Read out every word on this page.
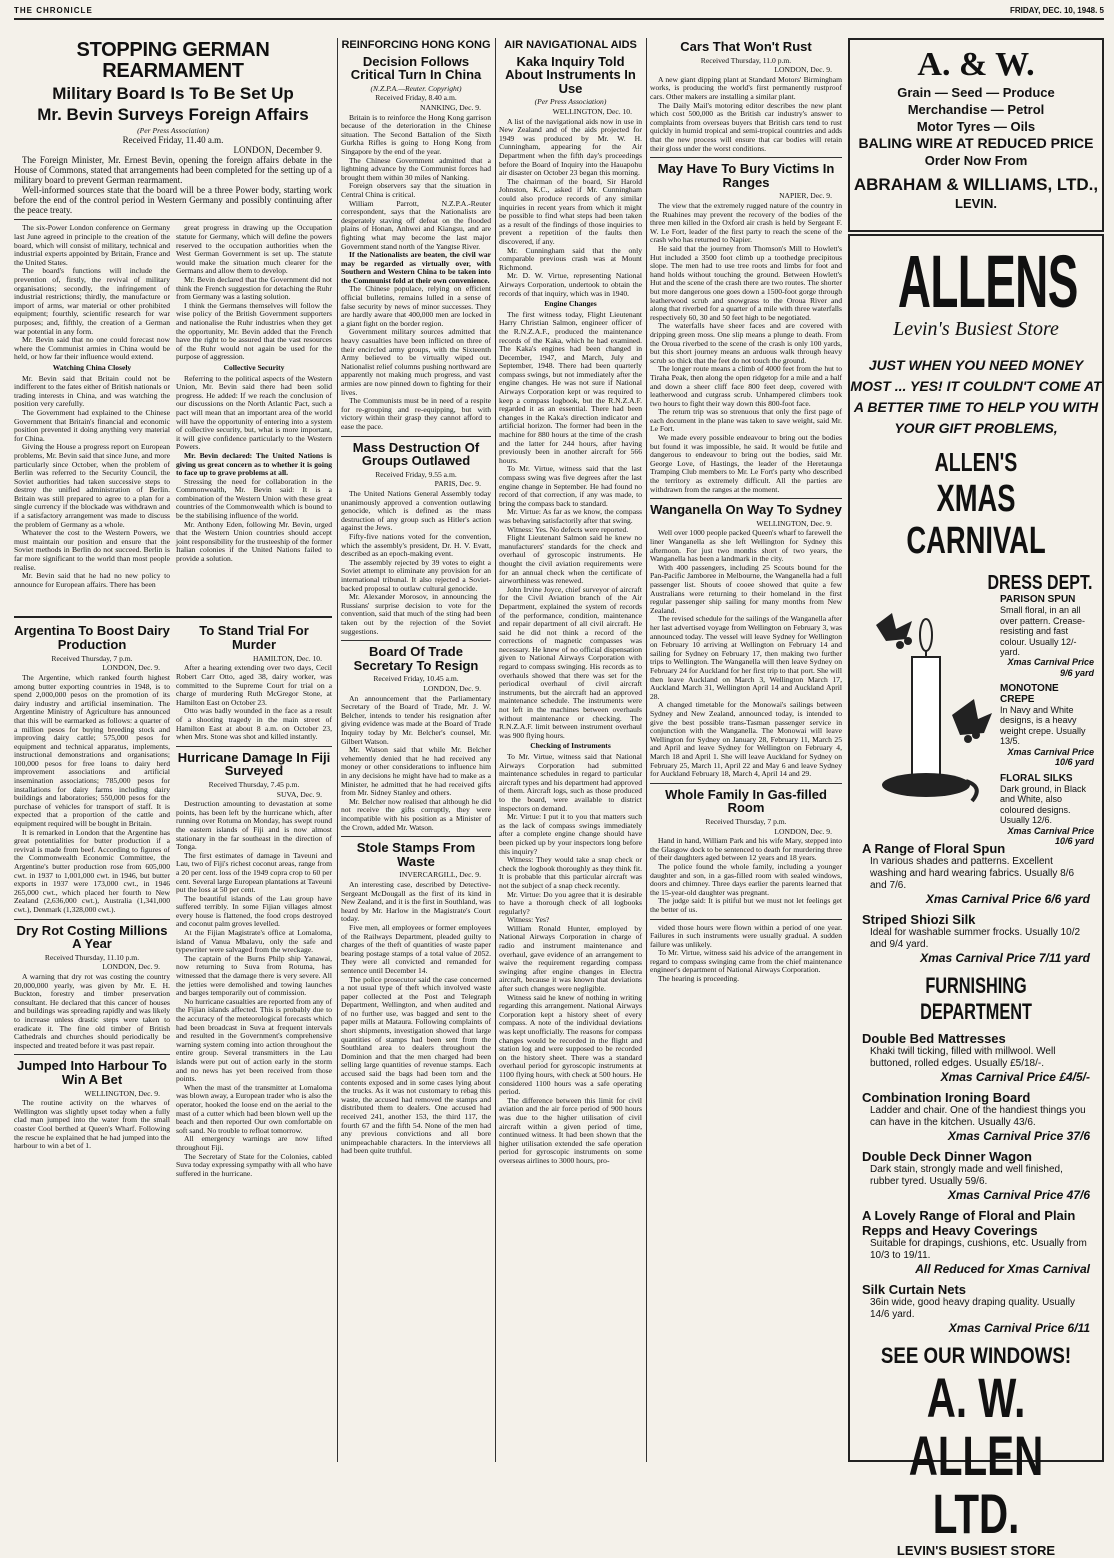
THE CHRONICLE	FRIDAY, DEC. 10, 1948. 5
STOPPING GERMAN REARMAMENT
Military Board Is To Be Set Up
Mr. Bevin Surveys Foreign Affairs
(Per Press Association)
Received Friday, 11.40 a.m.
LONDON, December 9.

The Foreign Minister, Mr. Ernest Bevin, opening the foreign affairs debate in the House of Commons, stated that arrangements had been completed for the setting up of a military board to prevent German rearmament.

Well-informed sources state that the board will be a three Power body, starting work before the end of the control period in Western Germany and possibly continuing after the peace treaty.

The six-Power London conference on Germany last June agreed in principle to the creation of the board, which will consist of military, technical and industrial experts appointed by Britain, France and the United States.

The board's functions will include the prevention of, firstly, the revival of military organisations; secondly, the infringement of industrial restrictions; thirdly, the manufacture or import of arms, war material or other prohibited equipment; fourthly, scientific research for war purposes; and, fifthly, the creation of a German war potential in any form.

Mr. Bevin said that no one could forecast now where the Communist armies in China would be held, or how far their influence would extend.

Watching China Closely

Mr. Bevin said that Britain could not be indifferent to the fates either of British nationals or trading interests in China, and was watching the position very carefully.

The Government had explained to the Chinese Government that Britain's financial and economic position prevented it doing anything very material for China.

Giving the House a progress report on European problems, Mr. Bevin said that since June, and more particularly since October, when the problem of Berlin was referred to the Security Council, the Soviet authorities had taken successive steps to destroy the unified administration of Berlin. Britain was still prepared to agree to a plan for a single currency if the blockade was withdrawn and if a satisfactory arrangement was made to discuss the problem of Germany as a whole.

Whatever the cost to the Western Powers, we must maintain our position and ensure that the Soviet methods in Berlin do not succeed. Berlin is far more significant to the world than most people realise.

Mr. Bevin said that he had no new policy to announce for European affairs. There has been

great progress in drawing up the Occupation statute for Germany, which will define the powers reserved to the occupation authorities when the West German Government is set up. The statute would make the situation much clearer for the Germans and allow them to develop.

Mr. Bevin declared that the Government did not think the French suggestion for detaching the Ruhr from Germany was a lasting solution.

I think the Germans themselves will follow the wise policy of the British Government supporters and nationalise the Ruhr industries when they get the opportunity, Mr. Bevin added that the French have the right to be assured that the vast resources of the Ruhr would not again be used for the purpose of aggression.

Collective Security

Referring to the political aspects of the Western Union, Mr. Bevin said there had been solid progress. He added: If we reach the conclusion of our discussions on the North Atlantic Pact, such a pact will mean that an important area of the world will have the opportunity of entering into a system of collective security, but, what is more important, it will give confidence particularly to the Western Powers.

Mr. Bevin declared: The United Nations is giving us great concern as to whether it is going to face up to grave problems at all.

Stressing the need for collaboration in the Commonwealth, Mr. Bevin said: It is a combination of the Western Union with these great countries of the Commonwealth which is bound to be the stabilising influence of the world.

Mr. Anthony Eden, following Mr. Bevin, urged that the Western Union countries should accept joint responsibility for the trusteeship of the former Italian colonies if the United Nations failed to provide a solution.

Argentina To Boost Dairy Production
Received Thursday, 7 p.m.
LONDON, Dec. 9.

The Argentine, which ranked fourth highest among butter exporting countries in 1948, is to spend 2,000,000 pesos on the promotion of its dairy industry and artificial insemination. The Argentine Ministry of Agriculture has announced that this will be earmarked as follows: a quarter of a million pesos for buying breeding stock and improving dairy cattle; 575,000 pesos for equipment and technical apparatus, implements, instructional demonstrations and organisations; 100,000 pesos for free loans to dairy herd improvement associations and artificial insemination associations; 785,000 pesos for installations for dairy farms including dairy buildings and laboratories; 550,000 pesos for the purchase of vehicles for transport of staff. It is expected that a proportion of the cattle and equipment required will be bought in Britain.

It is remarked in London that the Argentine has great potentialities for butter production if a revival is made from beef. According to figures of the Commonwealth Economic Committee, the Argentine's butter production rose from 605,000 cwt. in 1937 to 1,001,000 cwt. in 1946, but butter exports in 1937 were 173,000 cwt., in 1946 265,000 cwt., which placed her fourth to New Zealand (2,636,000 cwt.), Australia (1,341,000 cwt.), Denmark (1,328,000 cwt.).

Dry Rot Costing Millions A Year
Received Thursday, 11.10 p.m.
LONDON, Dec. 9.

A warning that dry rot was costing the country 20,000,000 yearly, was given by Mr. E. H. Buckton, forestry and timber preservation consultant. He declared that this cancer of houses and buildings was spreading rapidly and was likely to increase unless drastic steps were taken to eradicate it. The fine old timber of British Cathedrals and churches should periodically be inspected and treated before it was past repair.

Jumped Into Harbour To Win A Bet
WELLINGTON, Dec. 9.

The routine activity on the wharves of Wellington was slightly upset today when a fully clad man jumped into the water from the small coaster Cool berthed at Queen's Wharf. Following the rescue he explained that he had jumped into the harbour to win a bet of 1.

To Stand Trial For Murder
HAMILTON, Dec. 10.

After a hearing extending over two days, Cecil Robert Carr Otto, aged 38, dairy worker, was committed to the Supreme Court for trial on a charge of murdering Ruth McGregor Stone, at Hamilton East on October 23.

Otto was badly wounded in the face as a result of a shooting tragedy in the main street of Hamilton East at about 8 a.m. on October 23, when Mrs. Stone was shot and killed instantly.

Hurricane Damage In Fiji Surveyed
Received Thursday, 7.45 p.m.
SUVA, Dec. 9.

Destruction amounting to devastation at some points, has been left by the hurricane which, after running over Rotuma on Monday, has swept round the eastern islands of Fiji and is now almost stationary in the far southeast in the direction of Tonga.

The first estimates of damage in Taveuni and Lau, two of Fiji's richest coconut areas, range from a 20 per cent. loss of the 1949 copra crop to 60 per cent. Several large European plantations at Taveuni put the loss at 50 per cent.

The beautiful islands of the Lau group have suffered terribly. In some Fijian villages almost every house is flattened, the food crops destroyed and coconut palm groves levelled.

At the Fijian Magistrate's office at Lomaloma, island of Vanua Mbalavu, only the safe and typewriter were salvaged from the wreckage.

The captain of the Burns Philp ship Yanawai, now returning to Suva from Rotuma, has witnessed that the damage there is very severe. All the jetties were demolished and towing launches and barges temporarily out of commission.

No hurricane casualties are reported from any of the Fijian islands affected. This is probably due to the accuracy of the meteorological forecasts which had been broadcast in Suva at frequent intervals and resulted in the Government's comprehensive warning system coming into action throughout the entire group. Several transmitters in the Lau islands were put out of action early in the storm and no news has yet been received from those points.

When the mast of the transmitter at Lomaloma was blown away, a European trader who is also the operator, hooked the loose end on the aerial to the mast of a cutter which had been blown well up the beach and then reported Our own comfortable on soft sand. No trouble to refloat tomorrow.

All emergency warnings are now lifted throughout Fiji.

The Secretary of State for the Colonies, cabled Suva today expressing sympathy with all who have suffered in the hurricane.

REINFORCING HONG KONG
Decision Follows Critical Turn In China
(N.Z.P.A.—Reuter. Copyright)
Received Friday, 8.40 a.m.
NANKING, Dec. 9.

Britain is to reinforce the Hong Kong garrison because of the deterioration in the Chinese situation. The Second Battalion of the Sixth Gurkha Rifles is going to Hong Kong from Singapore by the end of the year.

The Chinese Government admitted that a lightning advance by the Communist forces had brought them within 30 miles of Nanking.

Foreign observers say that the situation in Central China is critical.

William Parrott, N.Z.P.A.-Reuter correspondent, says that the Nationalists are desperately staving off defeat on the flooded plains of Honan, Anhwei and Kiangsu, and are fighting what may become the last major Government stand north of the Yangtse River.

If the Nationalists are beaten, the civil war may be regarded as virtually over, with Southern and Western China to be taken into the Communist fold at their own convenience.

The Chinese populace, relying on efficient official bulletins, remains lulled in a sense of false security by news of minor successes. They are hardly aware that 400,000 men are locked in a giant fight on the border region.

Government military sources admitted that heavy casualties have been inflicted on three of their encircled army groups, with the Sixteenth Army believed to be virtually wiped out. Nationalist relief columns pushing northward are apparently not making much progress, and vast armies are now pinned down to fighting for their lives.

The Communists must be in need of a respite for re-grouping and re-equipping, but with victory within their grasp they cannot afford to ease the pace.

Mass Destruction Of Groups Outlawed
Received Friday, 9.55 a.m.
PARIS, Dec. 9.

The United Nations General Assembly today unanimously approved a convention outlawing genocide, which is defined as the mass destruction of any group such as Hitler's action against the Jews.

Fifty-five nations voted for the convention, which the assembly's president, Dr. H. V. Evatt, described as an epoch-making event.

The assembly rejected by 39 votes to eight a Soviet attempt to eliminate any provision for an international tribunal. It also rejected a Soviet-backed proposal to outlaw cultural genocide.

Mr. Alexander Morosov, in announcing the Russians' surprise decision to vote for the convention, said that much of the sting had been taken out by the rejection of the Soviet suggestions.

Board Of Trade Secretary To Resign
Received Friday, 10.45 a.m.
LONDON, Dec. 9.

An announcement that the Parliamentary Secretary of the Board of Trade, Mr. J. W. Belcher, intends to tender his resignation after giving evidence was made at the Board of Trade Inquiry today by Mr. Belcher's counsel, Mr. Gilbert Watson.

Mr. Watson said that while Mr. Belcher vehemently denied that he had received any money or other considerations to influence him in any decisions he might have had to make as a Minister, he admitted that he had received gifts from Mr. Sidney Stanley and others.

Mr. Belcher now realised that although he did not receive the gifts corruptly, they were incompatible with his position as a Minister of the Crown, added Mr. Watson.

Stole Stamps From Waste
INVERCARGILL, Dec. 9.

An interesting case, described by Detective-Sergeant McDougall as the first of its kind in New Zealand, and it is the first in Southland, was heard by Mr. Harlow in the Magistrate's Court today.

Five men, all employees or former employees of the Railways Department, pleaded guilty to charges of the theft of quantities of waste paper bearing postage stamps of a total value of 2052. They were all convicted and remanded for sentence until December 14.

The police prosecutor said the case concerned a not usual type of theft which involved waste paper collected at the Post and Telegraph Department, Wellington, and when audited and of no further use, was bagged and sent to the paper mills at Mataura. Following complaints of short shipments, investigation showed that large quantities of stamps had been sent from the Southland area to dealers throughout the Dominion and that the men charged had been selling large quantities of revenue stamps. Each accused said the bags had been torn and the contents exposed and in some cases lying about the trucks. As it was not customary to rebag this waste, the accused had removed the stamps and distributed them to dealers. One accused had received 241, another 153, the third 117, the fourth 67 and the fifth 54. None of the men had any previous convictions and all bore unimpeachable characters. In the interviews all had been quite truthful.

AIR NAVIGATIONAL AIDS
Kaka Inquiry Told About Instruments In Use
(Per Press Association)
WELLINGTON, Dec. 10.

A list of the navigational aids now in use in New Zealand and of the aids projected for 1949 was produced by Mr. W. H. Cunningham, appearing for the Air Department when the fifth day's proceedings before the Board of Inquiry into the Hauapohu air disaster on October 23 began this morning.

The chairman of the board, Sir Harold Johnston, K.C., asked if Mr. Cunningham could also produce records of any similar inquiries in recent years from which it might be possible to find what steps had been taken as a result of the findings of those inquiries to prevent a repetition of the faults then discovered, if any.

Mr. Cunningham said that the only comparable previous crash was at Mount Richmond.

Mr. D. W. Virtue, representing National Airways Corporation, undertook to obtain the records of that inquiry, which was in 1940.

Engine Changes

The first witness today, Flight Lieutenant Harry Christian Salmon, engineer officer of the R.N.Z.A.F., produced the maintenance records of the Kaka, which he had examined. The Kaka's engines had been changed in December, 1947, and March, July and September, 1948. There had been quarterly compass swings, but not immediately after the engine changes. He was not sure if National Airways Corporation kept or was required to keep a compass logbook, but the R.N.Z.A.F. regarded it as an essential. There had been changes in the Kaka's direction indicator and artificial horizon. The former had been in the machine for 880 hours at the time of the crash and the latter for 244 hours, after having previously been in another aircraft for 566 hours.

To Mr. Virtue, witness said that the last compass swing was five degrees after the last engine change in September. He had found no record of that correction, if any was made, to bring the compass back to standard.

Mr. Virtue: As far as we know, the compass was behaving satisfactorily after that swing.

Witness: Yes. No defects were reported.

Flight Lieutenant Salmon said he knew no manufacturers' standards for the check and overhaul of gyroscopic instruments. He thought the civil aviation requirements were for an annual check when the certificate of airworthiness was renewed.

John Irvine Joyce, chief surveyor of aircraft for the Civil Aviation branch of the Air Department, explained the system of records of the performance, condition, maintenance and repair department of all civil aircraft. He said he did not think a record of the corrections of magnetic compasses was necessary. He knew of no official dispensation given to National Airways Corporation with regard to compass swinging. His records as to overhauls showed that there was set for the periodical overhaul of civil aircraft instruments, but the aircraft had an approved maintenance schedule. The instruments were not left in the machines between overhauls without maintenance or checking. The R.N.Z.A.F. limit between instrument overhaul was 900 flying hours.

Checking of Instruments

To Mr. Virtue, witness said that National Airways Corporation had submitted maintenance schedules in regard to particular aircraft types and his department had approved of them. Aircraft logs, such as those produced to the board, were available to district inspectors on demand.

Mr. Virtue: I put it to you that matters such as the lack of compass swings immediately after a complete engine change should have been picked up by your inspectors long before this inquiry?

Witness: They would take a snap check or check the logbook thoroughly as they think fit. It is probable that this particular aircraft was not the subject of a snap check recently.

Mr. Virtue: Do you agree that it is desirable to have a thorough check of all logbooks regularly?

Witness: Yes?

William Ronald Hunter, employed by National Airways Corporation in charge of radio and instrument maintenance and overhaul, gave evidence of an arrangement to waive the requirement regarding compass swinging after engine changes in Electra aircraft, because it was known that deviations after such changes were negligible.

Witness said he knew of nothing in writing regarding this arrangement. National Airways Corporation kept a history sheet of every compass. A note of the individual deviations was kept unofficially. The reasons for compass changes would be recorded in the flight and station log and were supposed to be recorded on the history sheet. There was a standard overhaul period for gyroscopic instruments at 1100 flying hours, with check at 500 hours. He considered 1100 hours was a safe operating period.

The difference between this limit for civil aviation and the air force period of 900 hours was due to the higher utilisation of civil aircraft within a given period of time, continued witness. It had been shown that the higher utilisation extended the safe operation period for gyroscopic instruments on some overseas airlines to 3000 hours, pro-

Cars That Won't Rust
Received Thursday, 11.0 p.m.
LONDON, Dec. 9.

A new giant dipping plant at Standard Motors' Birmingham works, is producing the world's first permanently rustproof cars. Other makers are installing a similar plant.

The Daily Mail's motoring editor describes the new plant which cost 500,000 as the British car industry's answer to complaints from overseas buyers that British cars tend to rust quickly in humid tropical and semi-tropical countries and adds that the new process will ensure that car bodies will retain their gloss under the worst conditions.

May Have To Bury Victims In Ranges
NAPIER, Dec. 9.

The view that the extremely rugged nature of the country in the Ruahines may prevent the recovery of the bodies of the three men killed in the Oxford air crash is held by Sergeant F. W. Le Fort, leader of the first party to reach the scene of the crash who has returned to Napier.

He said that the journey from Thomson's Mill to Howlett's Hut included a 3500 foot climb up a toothedge precipitous slope. The men had to use tree roots and limbs for foot and hand holds without touching the ground. Between Howlett's Hut and the scene of the crash there are two routes. The shorter but more dangerous one goes down a 1500-foot gorge through leatherwood scrub and snowgrass to the Oroua River and along that riverbed for a quarter of a mile with three waterfalls respectively 60, 30 and 50 feet high to be negotiated.

The waterfalls have sheer faces and are covered with dripping green moss. One slip means a plunge to death. From the Oroua riverbed to the scene of the crash is only 100 yards, but this short journey means an arduous walk through heavy scrub so thick that the feet do not touch the ground.

The longer route means a climb of 4000 feet from the hut to Tiraha Peak, then along the open ridgetop for a mile and a half and down a sheer cliff face 800 feet deep, covered with leatherwood and cutgrass scrub. Unhampered climbers took two hours to fight their way down this 800-foot face.

The return trip was so strenuous that only the first page of each document in the plane was taken to save weight, said Mr. Le Fort.

We made every possible endeavour to bring out the bodies but found it was impossible, he said. It would be futile and dangerous to endeavour to bring out the bodies, said Mr. George Love, of Hastings, the leader of the Heretaunga Tramping Club members to Mr. Le Fort's party who described the territory as extremely difficult. All the parties are withdrawn from the ranges at the moment.

Wanganella On Way To Sydney
WELLINGTON, Dec. 9.

Well over 1000 people packed Queen's wharf to farewell the liner Wanganella as she left Wellington for Sydney this afternoon. For just two months short of two years, the Wanganella has been a landmark in the city.

With 400 passengers, including 25 Scouts bound for the Pan-Pacific Jamboree in Melbourne, the Wanganella had a full passenger list. Shouts of cooee showed that quite a few Australians were returning to their homeland in the first regular passenger ship sailing for many months from New Zealand.

The revised schedule for the sailings of the Wanganella after her last advertised voyage from Wellington on February 3, was announced today. The vessel will leave Sydney for Wellington on February 10 arriving at Wellington on February 14 and sailing for Sydney on February 17, then making two further trips to Wellington. The Wanganella will then leave Sydney on February 24 for Auckland for her first trip to that port. She will then leave Auckland on March 3, Wellington March 17, Auckland March 31, Wellington April 14 and Auckland April 28.

A changed timetable for the Monowai's sailings between Sydney and New Zealand, announced today, is intended to give the best possible trans-Tasman passenger service in conjunction with the Wanganella. The Monowai will leave Wellington for Sydney on January 28, February 11, March 25 and April and leave Sydney for Wellington on February 4, March 18 and April 1. She will leave Auckland for Sydney on February 25, March 11, April 22 and May 6 and leave Sydney for Auckland February 18, March 4, April 14 and 29.

Whole Family In Gas-filled Room
Received Thursday, 7 p.m.
LONDON, Dec. 9.

Hand in hand, William Park and his wife Mary, stepped into the Glasgow dock to be sentenced to death for murdering three of their daughters aged between 12 years and 18 years.

The police found the whole family, including a younger daughter and son, in a gas-filled room with sealed windows, doors and chimney. Three days earlier the parents learned that the 15-year-old daughter was pregnant.

The judge said: It is pitiful but we must not let feelings get the better of us.

vided those hours were flown within a period of one year. Failures in such instruments were usually gradual. A sudden failure was unlikely.

To Mr. Virtue, witness said his advice of the arrangement in regard to compass swinging came from the chief maintenance engineer's department of National Airways Corporation.

The hearing is proceeding.

A. & W.
Grain — Seed — Produce
Merchandise — Petrol
Motor Tyres — Oils
BALING WIRE AT REDUCED PRICE
Order Now From
ABRAHAM & WILLIAMS, LTD.,
LEVIN.
ALLENS
Levin's Busiest Store
JUST WHEN YOU NEED MONEY MOST ... YES! IT COULDN'T COME AT A BETTER TIME TO HELP YOU WITH YOUR GIFT PROBLEMS,
ALLEN'S
XMAS CARNIVAL
DRESS DEPT.
PARISON SPUN
Small floral, in an all over pattern. Crease-resisting and fast colour. Usually 12/- yard.
Xmas Carnival Price 9/6 yard
MONOTONE CREPE
In Navy and White designs, is a heavy weight crepe. Usually 13/5.
Xmas Carnival Price 10/6 yard
FLORAL SILKS
Dark ground, in Black and White, also coloured designs. Usually 12/6.
Xmas Carnival Price 10/6 yard
A Range of Floral Spun
In various shades and patterns. Excellent washing and hard wearing fabrics. Usually 8/6 and 7/6.
Xmas Carnival Price 6/6 yard
Striped Shiozi Silk
Ideal for washable summer frocks. Usually 10/2 and 9/4 yard.
Xmas Carnival Price 7/11 yard
FURNISHING DEPARTMENT
Double Bed Mattresses
Khaki twill ticking, filled with millwool. Well buttoned, rolled edges. Usually £5/18/-.
Xmas Carnival Price £4/5/-
Combination Ironing Board
Ladder and chair. One of the handiest things you can have in the kitchen. Usually 43/6.
Xmas Carnival Price 37/6
Double Deck Dinner Wagon
Dark stain, strongly made and well finished, rubber tyred. Usually 59/6.
Xmas Carnival Price 47/6
A Lovely Range of Floral and Plain Repps and Heavy Coverings
Suitable for drapings, cushions, etc. Usually from 10/3 to 19/11.
All Reduced for Xmas Carnival
Silk Curtain Nets
36in wide, good heavy draping quality. Usually 14/6 yard.
Xmas Carnival Price 6/11
SEE OUR WINDOWS!
A. W. ALLEN LTD.
LEVIN'S BUSIEST STORE
